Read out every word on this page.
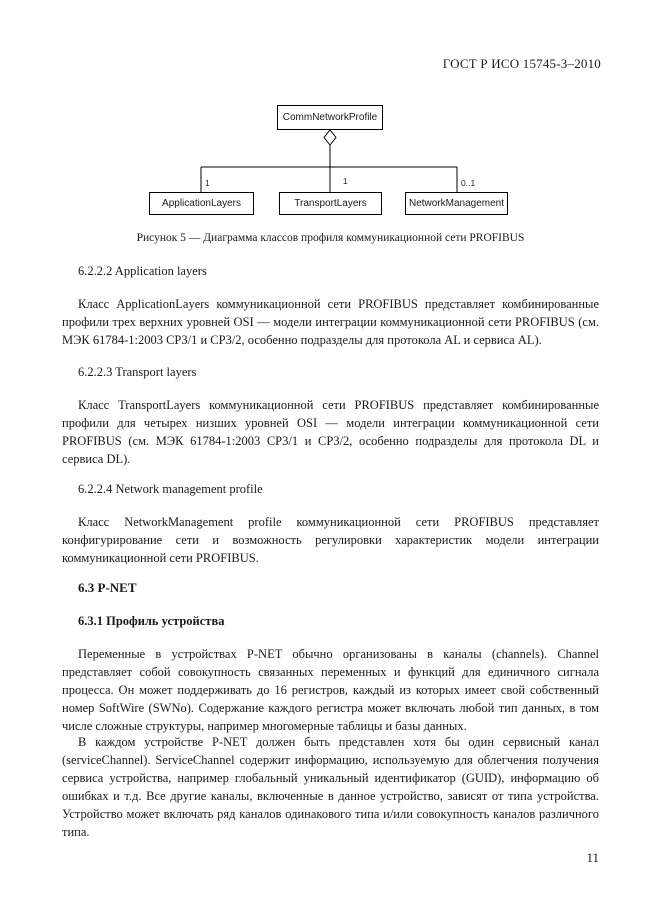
ГОСТ Р ИСО 15745-3–2010
CommNetworkProfile
ApplicationLayers	TransportLayers	NetworkManagement
1	1	0..1
Рисунок 5 — Диаграмма классов профиля коммуникационной сети PROFIBUS
6.2.2.2 Application layers
Класс ApplicationLayers коммуникационной сети PROFIBUS представляет комбинированные профили трех верхних уровней OSI — модели интеграции коммуникационной сети PROFIBUS (см. МЭК 61784-1:2003 CP3/1 и CP3/2, особенно подразделы для протокола AL и сервиса AL).
6.2.2.3 Transport layers
Класс TransportLayers коммуникационной сети PROFIBUS представляет комбинированные профили для четырех низших уровней OSI — модели интеграции коммуникационной сети PROFIBUS (см. МЭК 61784-1:2003 CP3/1 и CP3/2, особенно подразделы для протокола DL и сервиса DL).
6.2.2.4 Network management profile
Класс NetworkManagement profile коммуникационной сети PROFIBUS представляет конфигурирование сети и возможность регулировки характеристик модели интеграции коммуникационной сети PROFIBUS.
6.3 P-NET
6.3.1 Профиль устройства
Переменные в устройствах P-NET обычно организованы в каналы (channels). Channel представляет собой совокупность связанных переменных и функций для единичного сигнала процесса. Он может поддерживать до 16 регистров, каждый из которых имеет свой собственный номер SoftWire (SWNo). Содержание каждого регистра может включать любой тип данных, в том числе сложные структуры, например многомерные таблицы и базы данных.
В каждом устройстве P-NET должен быть представлен хотя бы один сервисный канал (serviceChannel). ServiceChannel содержит информацию, используемую для облегчения получения сервиса устройства, например глобальный уникальный идентификатор (GUID), информацию об ошибках и т.д. Все другие каналы, включенные в данное устройство, зависят от типа устройства. Устройство может включать ряд каналов одинакового типа и/или совокупность каналов различного типа.
11
